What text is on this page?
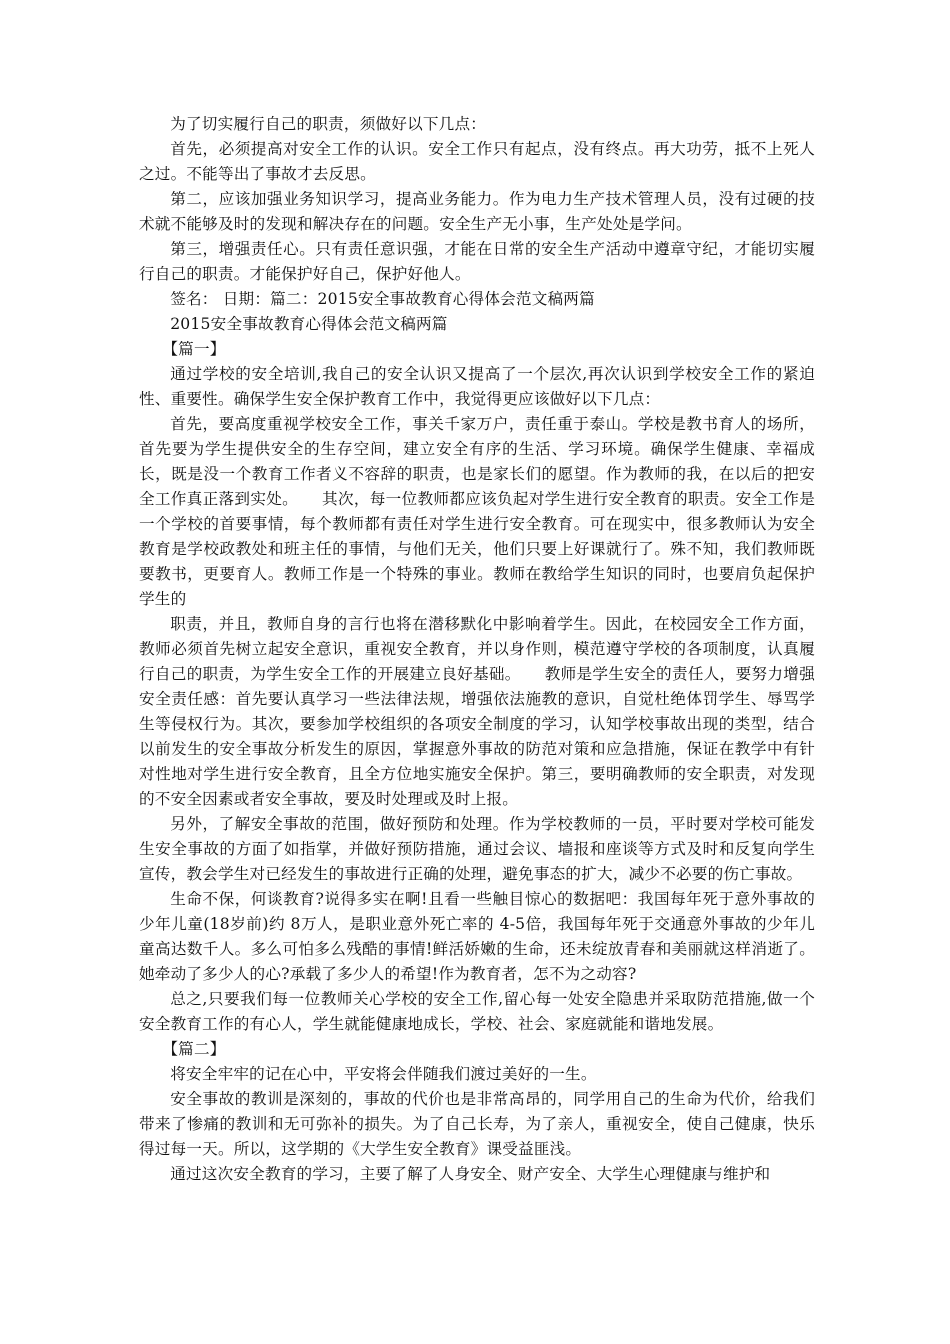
为了切实履行自己的职责，须做好以下几点：

首先，必须提高对安全工作的认识。安全工作只有起点，没有终点。再大功劳，抵不上死人之过。不能等出了事故才去反思。

第二，应该加强业务知识学习，提高业务能力。作为电力生产技术管理人员，没有过硬的技术就不能够及时的发现和解决存在的问题。安全生产无小事，生产处处是学问。

第三，增强责任心。只有责任意识强，才能在日常的安全生产活动中遵章守纪，才能切实履行自己的职责。才能保护好自己，保护好他人。

签名： 日期：篇二：2015安全事故教育心得体会范文稿两篇

2015安全事故教育心得体会范文稿两篇

【篇一】

通过学校的安全培训,我自己的安全认识又提高了一个层次,再次认识到学校安全工作的紧迫性、重要性。确保学生安全保护教育工作中，我觉得更应该做好以下几点：

首先，要高度重视学校安全工作，事关千家万户，责任重于泰山。学校是教书育人的场所，首先要为学生提供安全的生存空间，建立安全有序的生活、学习环境。确保学生健康、幸福成长，既是没一个教育工作者义不容辞的职责，也是家长们的愿望。作为教师的我，在以后的把安全工作真正落到实处。　　其次，每一位教师都应该负起对学生进行安全教育的职责。安全工作是一个学校的首要事情，每个教师都有责任对学生进行安全教育。可在现实中，很多教师认为安全教育是学校政教处和班主任的事情，与他们无关，他们只要上好课就行了。殊不知，我们教师既要教书，更要育人。教师工作是一个特殊的事业。教师在教给学生知识的同时，也要肩负起保护学生的

职责，并且，教师自身的言行也将在潜移默化中影响着学生。因此，在校园安全工作方面，教师必须首先树立起安全意识，重视安全教育，并以身作则，模范遵守学校的各项制度，认真履行自己的职责，为学生安全工作的开展建立良好基础。　　教师是学生安全的责任人，要努力增强安全责任感：首先要认真学习一些法律法规，增强依法施教的意识，自觉杜绝体罚学生、辱骂学生等侵权行为。其次，要参加学校组织的各项安全制度的学习，认知学校事故出现的类型，结合以前发生的安全事故分析发生的原因，掌握意外事故的防范对策和应急措施，保证在教学中有针对性地对学生进行安全教育，且全方位地实施安全保护。第三，要明确教师的安全职责，对发现的不安全因素或者安全事故，要及时处理或及时上报。

另外，了解安全事故的范围，做好预防和处理。作为学校教师的一员，平时要对学校可能发生安全事故的方面了如指掌，并做好预防措施，通过会议、墙报和座谈等方式及时和反复向学生宣传，教会学生对已经发生的事故进行正确的处理，避免事态的扩大，减少不必要的伤亡事故。

生命不保，何谈教育?说得多实在啊!且看一些触目惊心的数据吧：我国每年死于意外事故的少年儿童(18岁前)约 8万人，是职业意外死亡率的 4-5倍，我国每年死于交通意外事故的少年儿童高达数千人。多么可怕多么残酷的事情!鲜活娇嫩的生命，还未绽放青春和美丽就这样消逝了。她牵动了多少人的心?承载了多少人的希望!作为教育者，怎不为之动容?

总之,只要我们每一位教师关心学校的安全工作,留心每一处安全隐患并采取防范措施,做一个安全教育工作的有心人，学生就能健康地成长，学校、社会、家庭就能和谐地发展。

【篇二】

将安全牢牢的记在心中，平安将会伴随我们渡过美好的一生。

安全事故的教训是深刻的，事故的代价也是非常高昂的，同学用自己的生命为代价，给我们带来了惨痛的教训和无可弥补的损失。为了自己长寿，为了亲人，重视安全，使自己健康，快乐得过每一天。所以，这学期的《大学生安全教育》课受益匪浅。

通过这次安全教育的学习，主要了解了人身安全、财产安全、大学生心理健康与维护和
